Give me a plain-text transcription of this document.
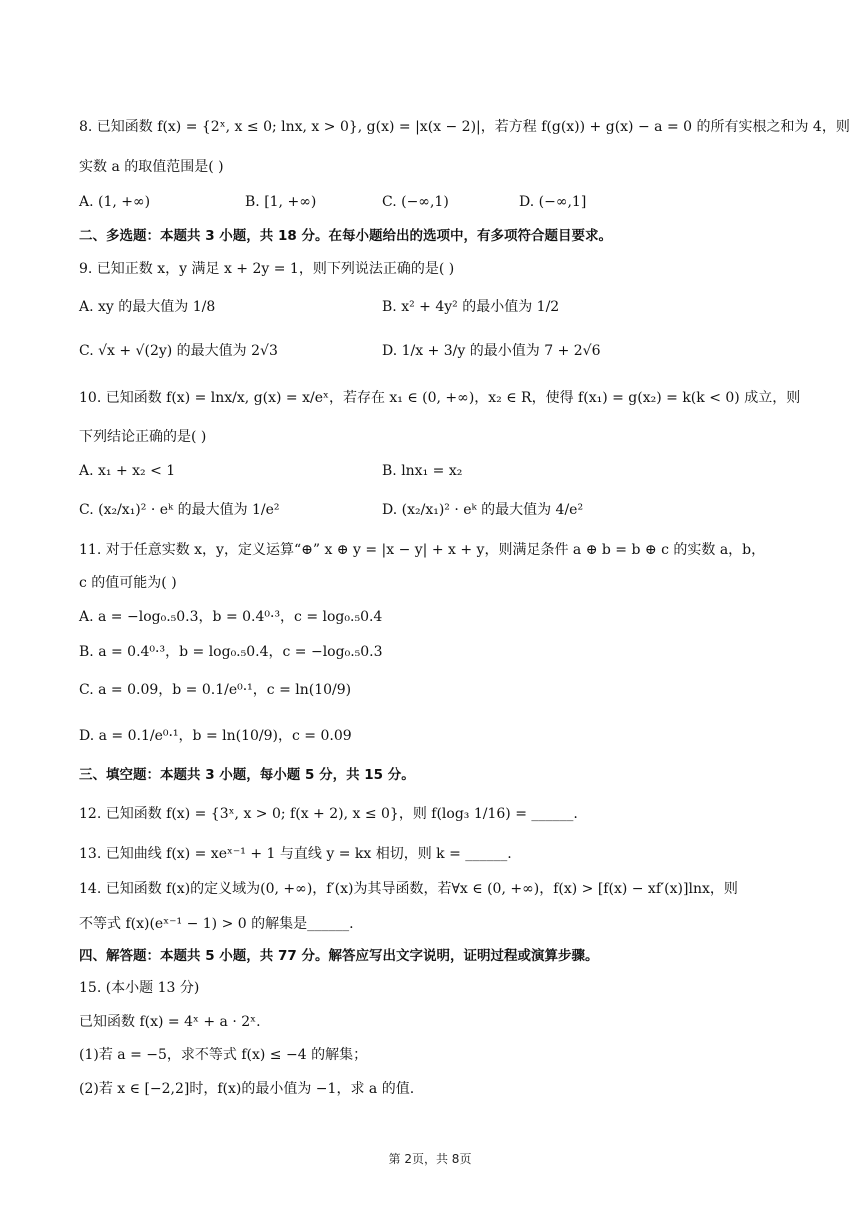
8. 已知函数 f(x) = {2ˣ, x ≤ 0; lnx, x > 0}, g(x) = |x(x − 2)|，若方程 f(g(x)) + g(x) − a = 0 的所有实根之和为 4，则
实数 a 的取值范围是( )
A. (1, +∞)	B. [1, +∞)	C. (−∞,1)	D. (−∞,1]
二、多选题：本题共 3 小题，共 18 分。在每小题给出的选项中，有多项符合题目要求。
9. 已知正数 x，y 满足 x + 2y = 1，则下列说法正确的是( )
A. xy 的最大值为 1/8	B. x² + 4y² 的最小值为 1/2
C. √x + √(2y) 的最大值为 2√3	D. 1/x + 3/y 的最小值为 7 + 2√6
10. 已知函数 f(x) = lnx/x, g(x) = x/eˣ，若存在 x₁ ∈ (0, +∞)，x₂ ∈ R，使得 f(x₁) = g(x₂) = k(k < 0) 成立，则
下列结论正确的是( )
A. x₁ + x₂ < 1	B. lnx₁ = x₂
C. (x₂/x₁)² · eᵏ 的最大值为 1/e²	D. (x₂/x₁)² · eᵏ 的最大值为 4/e²
11. 对于任意实数 x，y，定义运算“⊕” x ⊕ y = |x − y| + x + y，则满足条件 a ⊕ b = b ⊕ c 的实数 a，b，
c 的值可能为( )
A. a = −log₀.₅0.3，b = 0.4⁰·³，c = log₀.₅0.4
B. a = 0.4⁰·³，b = log₀.₅0.4，c = −log₀.₅0.3
C. a = 0.09，b = 0.1/e⁰·¹，c = ln(10/9)
D. a = 0.1/e⁰·¹，b = ln(10/9)，c = 0.09
三、填空题：本题共 3 小题，每小题 5 分，共 15 分。
12. 已知函数 f(x) = {3ˣ, x > 0; f(x + 2), x ≤ 0}，则 f(log₃ 1/16) = ______.
13. 已知曲线 f(x) = xeˣ⁻¹ + 1 与直线 y = kx 相切，则 k = ______.
14. 已知函数 f(x)的定义域为(0, +∞)，f′(x)为其导函数，若∀x ∈ (0, +∞)，f(x) > [f(x) − xf′(x)]lnx，则
不等式 f(x)(eˣ⁻¹ − 1) > 0 的解集是______.
四、解答题：本题共 5 小题，共 77 分。解答应写出文字说明，证明过程或演算步骤。
15. (本小题 13 分)
已知函数 f(x) = 4ˣ + a · 2ˣ.
(1)若 a = −5，求不等式 f(x) ≤ −4 的解集；
(2)若 x ∈ [−2,2]时，f(x)的最小值为 −1，求 a 的值.
第 2页，共 8页
